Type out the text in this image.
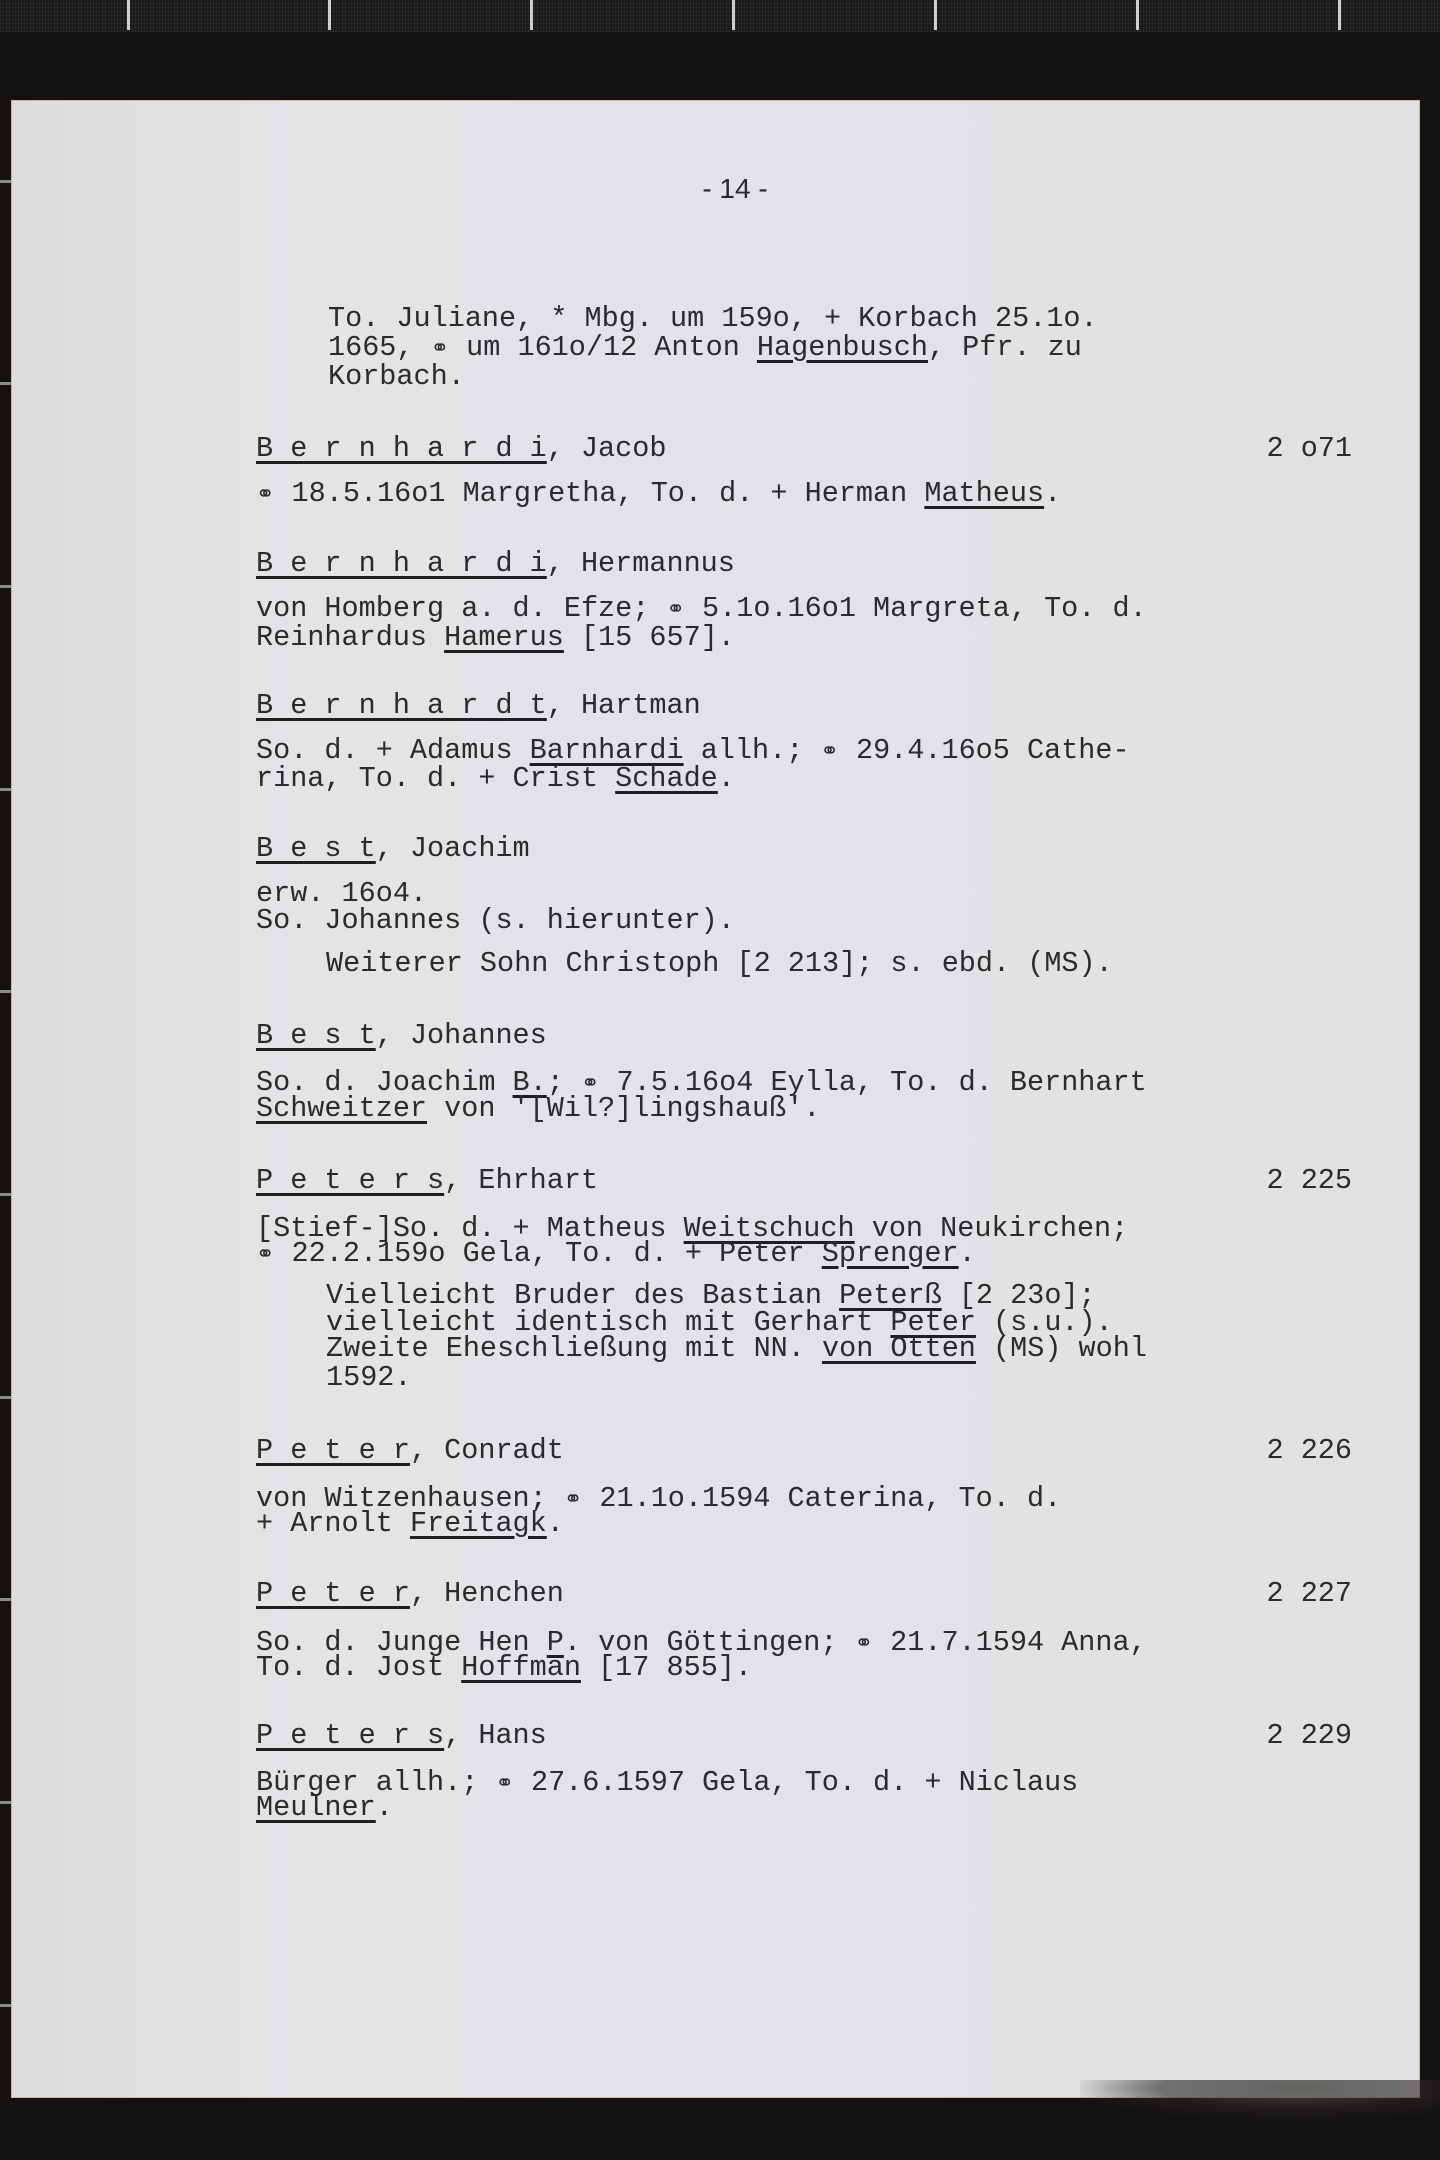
- 14 -
To. Juliane, * Mbg. um 159o, + Korbach 25.1o.
1665, ⚭ um 161o/12 Anton Hagenbusch, Pfr. zu
Korbach.
B e r n h a r d i, Jacob	2 o71
⚭ 18.5.16o1 Margretha, To. d. + Herman Matheus.
B e r n h a r d i, Hermannus
von Homberg a. d. Efze; ⚭ 5.1o.16o1 Margreta, To. d.
Reinhardus Hamerus [15 657].
B e r n h a r d t, Hartman
So. d. + Adamus Barnhardi allh.; ⚭ 29.4.16o5 Cathe-
rina, To. d. + Crist Schade.
B e s t, Joachim
erw. 16o4.
So. Johannes (s. hierunter).
Weiterer Sohn Christoph [2 213]; s. ebd. (MS).
B e s t, Johannes
So. d. Joachim B.; ⚭ 7.5.16o4 Eylla, To. d. Bernhart
Schweitzer von '[Wil?]lingshauß'.
P e t e r s, Ehrhart	2 225
[Stief-]So. d. + Matheus Weitschuch von Neukirchen;
⚭ 22.2.159o Gela, To. d. + Peter Sprenger.
Vielleicht Bruder des Bastian Peterß [2 23o];
vielleicht identisch mit Gerhart Peter (s.u.).
Zweite Eheschließung mit NN. von Otten (MS) wohl
1592.
P e t e r, Conradt	2 226
von Witzenhausen; ⚭ 21.1o.1594 Caterina, To. d.
+ Arnolt Freitagk.
P e t e r, Henchen	2 227
So. d. Junge Hen P. von Göttingen; ⚭ 21.7.1594 Anna,
To. d. Jost Hoffman [17 855].
P e t e r s, Hans	2 229
Bürger allh.; ⚭ 27.6.1597 Gela, To. d. + Niclaus
Meulner.
